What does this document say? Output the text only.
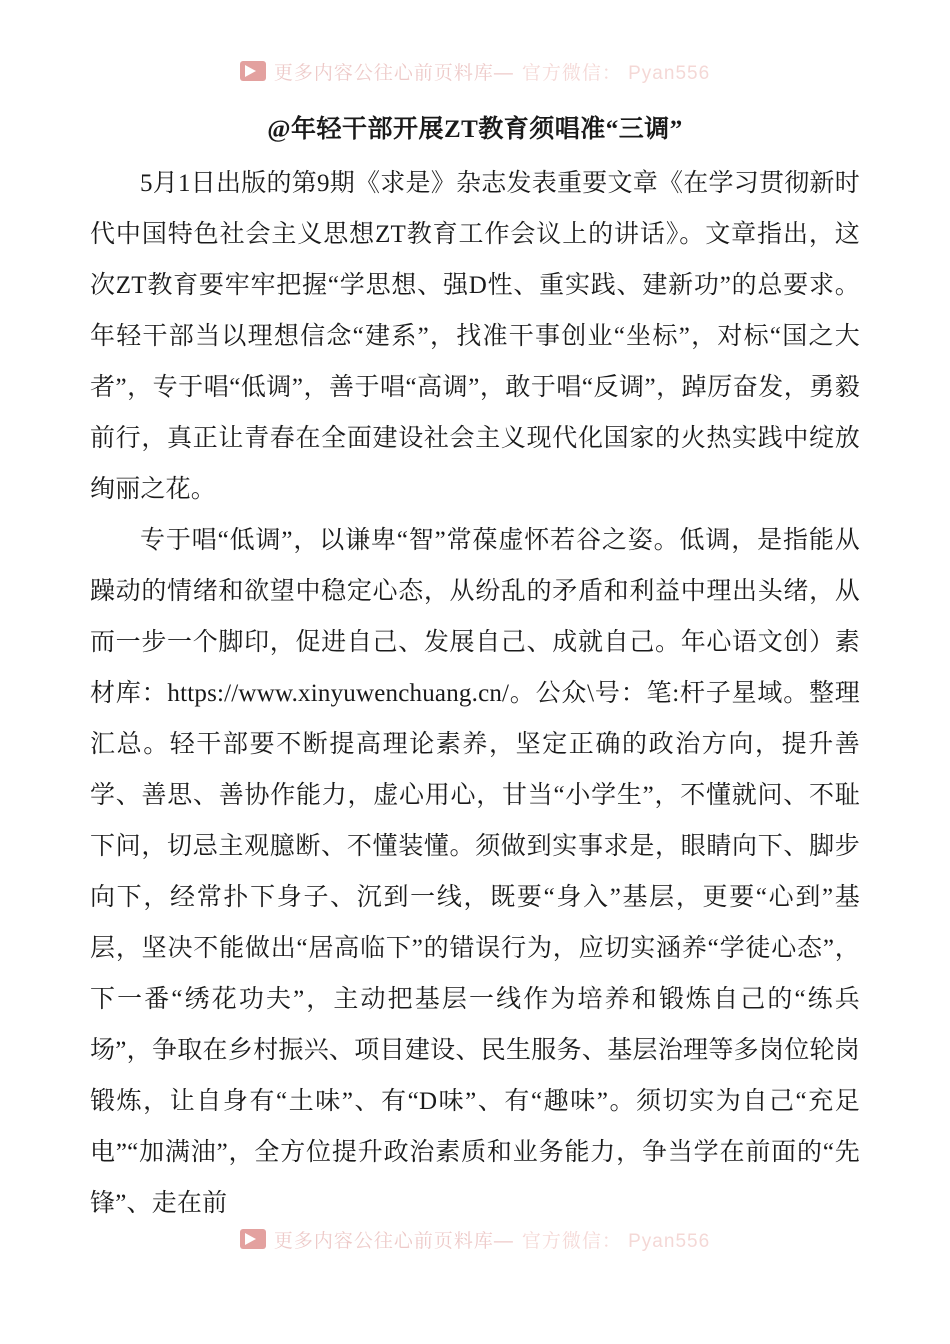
更多内容公往心前页料库— 官方微信： Pyan556
@年轻干部开展ZT教育须唱准“三调”

5月1日出版的第9期《求是》杂志发表重要文章《在学习贯彻新时代中国特色社会主义思想ZT教育工作会议上的讲话》。文章指出，这次ZT教育要牢牢把握“学思想、强D性、重实践、建新功”的总要求。年轻干部当以理想信念“建系”，找准干事创业“坐标”，对标“国之大者”，专于唱“低调”，善于唱“高调”，敢于唱“反调”，踔厉奋发，勇毅前行，真正让青春在全面建设社会主义现代化国家的火热实践中绽放绚丽之花。

专于唱“低调”，以谦卑“智”常葆虚怀若谷之姿。低调，是指能从躁动的情绪和欲望中稳定心态，从纷乱的矛盾和利益中理出头绪，从而一步一个脚印，促进自己、发展自己、成就自己。年心语文创）素材库：https://www.xinyuwenchuang.cn/。公众\号：笔:杆子星域。整理汇总。轻干部要不断提高理论素养，坚定正确的政治方向，提升善学、善思、善协作能力，虚心用心，甘当“小学生”，不懂就问、不耻下问，切忌主观臆断、不懂装懂。须做到实事求是，眼睛向下、脚步向下，经常扑下身子、沉到一线，既要“身入”基层，更要“心到”基层，坚决不能做出“居高临下”的错误行为，应切实涵养“学徒心态”，下一番“绣花功夫”，主动把基层一线作为培养和锻炼自己的“练兵场”，争取在乡村振兴、项目建设、民生服务、基层治理等多岗位轮岗锻炼，让自身有“土味”、有“D味”、有“趣味”。须切实为自己“充足电”“加满油”，全方位提升政治素质和业务能力，争当学在前面的“先锋”、走在前

更多内容公往心前页料库— 官方微信： Pyan556
